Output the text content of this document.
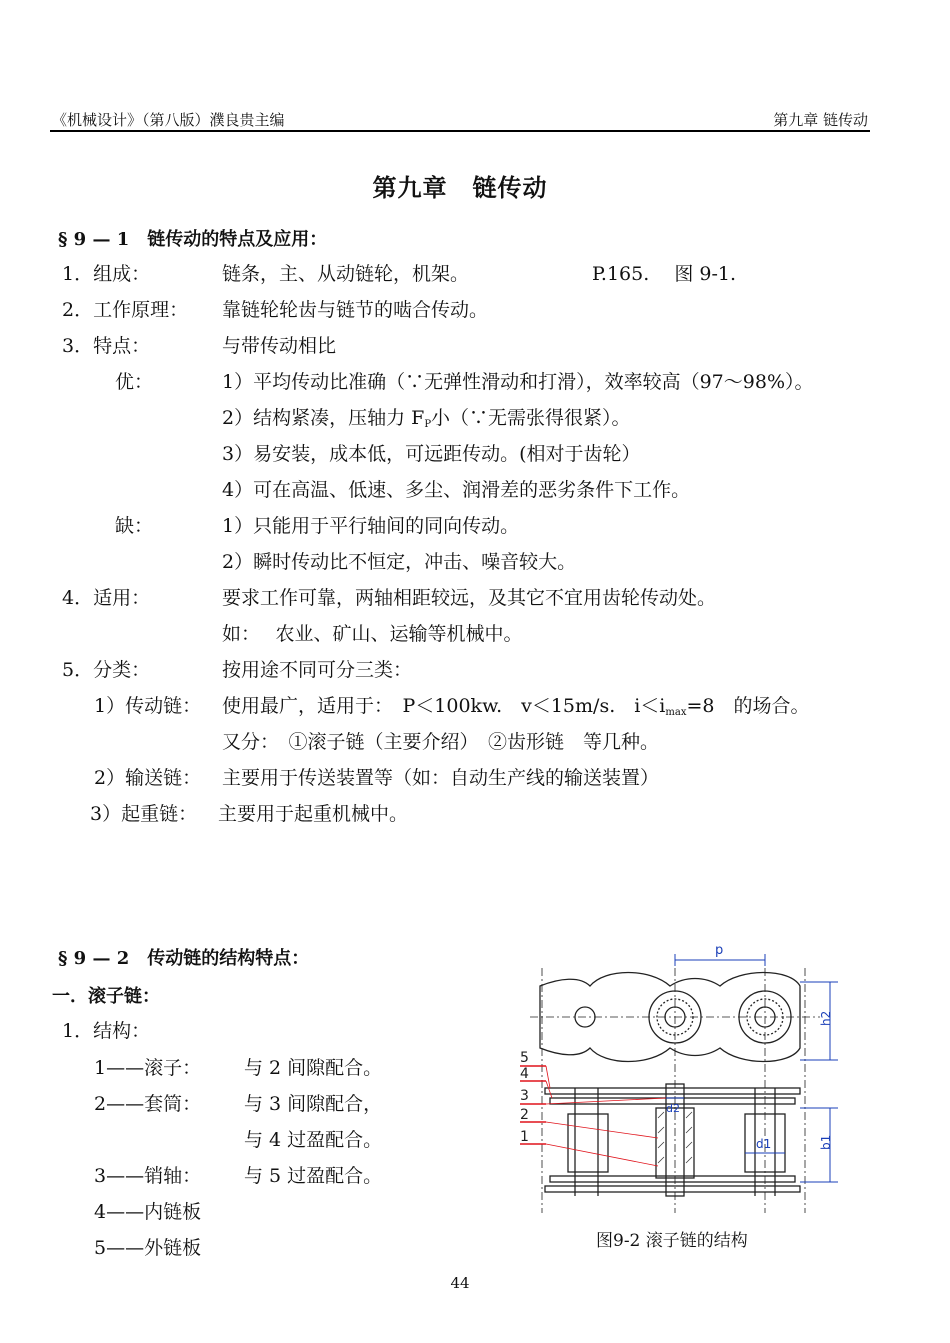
《机械设计》（第八版）濮良贵主编	第九章 链传动
第九章　链传动
§ 9 — 1　链传动的特点及应用：
1．组成：	链条，主、从动链轮，机架。	P.165.　 图 9-1.
2．工作原理： 靠链轮轮齿与链节的啮合传动。
3．特点：	与带传动相比
优：	1）平均传动比准确（∵无弹性滑动和打滑），效率较高（97～98%）。
2）结构紧凑，压轴力 $F_P$小（∵无需张得很紧）。
3）易安装，成本低，可远距传动。(相对于齿轮）
4）可在高温、低速、多尘、润滑差的恶劣条件下工作。
缺：	1）只能用于平行轴间的同向传动。
2）瞬时传动比不恒定，冲击、噪音较大。
4．适用：	要求工作可靠，两轴相距较远，及其它不宜用齿轮传动处。
如：　 农业、矿山、运输等机械中。
5．分类：	按用途不同可分三类：
1）传动链： 使用最广，适用于：　P＜100kw.　v＜15m/s.　$i<i_{max}=8$　的场合。
又分：　①滚子链（主要介绍）　②齿形链　等几种。
2）输送链： 主要用于传送装置等（如：自动生产线的输送装置）
3）起重链： 主要用于起重机械中。
§ 9 — 2　传动链的结构特点：
一．滚子链：
1．结构：
1——滚子： 与 2 间隙配合。
2——套筒： 与 3 间隙配合，
与 4 过盈配合。
3——销轴： 与 5 过盈配合。
4——内链板
5——外链板
p
h2
b1
d1
d2
5
4
3
2
1
图9-2 滚子链的结构
44
